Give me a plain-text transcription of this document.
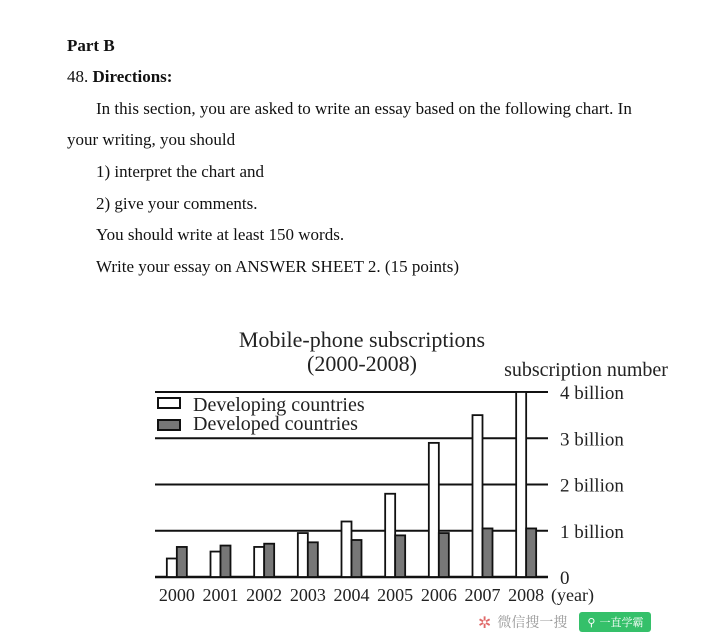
Part B

48. Directions:

In this section, you are asked to write an essay based on the following chart. In

your writing, you should

1) interpret the chart and

2) give your comments.

You should write at least 150 words.

Write your essay on ANSWER SHEET 2. (15 points)

Mobile-phone subscriptions
(2000-2008)	subscription number
0
1 billion
2 billion
3 billion
4 billion
2000 2001 2002 2003 2004 2005 2006 2007 2008 (year)
Developing countries
Developed countries
✲ 微信搜一搜 ⚲ 一直学霸
